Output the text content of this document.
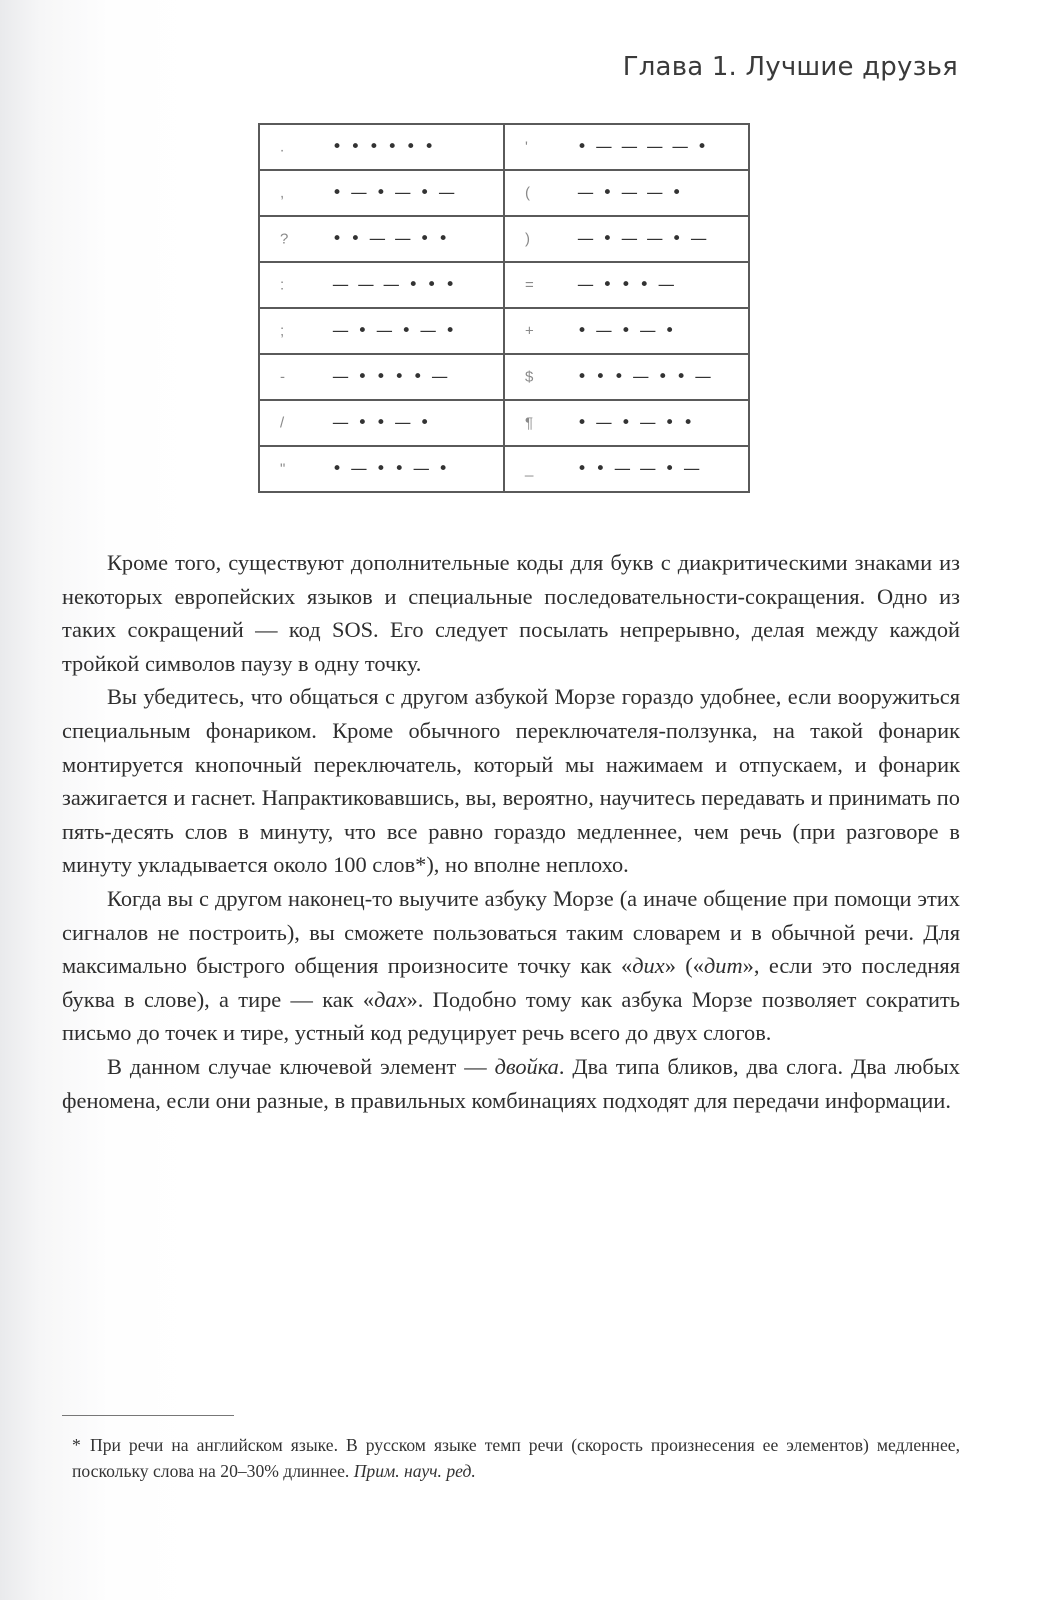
Глава 1. Лучшие друзья
. • • • • • •	' • — — — — •

, • — • — • —	( — • — — •

? • • — — • •	) — • — — • —

: — — — • • •	= — • • • —

; — • — • — •	+ • — • — •

- — • • • • —	$ • • • — • • —

/ — • • — •	¶ • — • — • •

" • — • • — •	_ • • — — • —

Кроме того, существуют дополнительные коды для букв с диакритическими знаками из некоторых европейских языков и специальные последовательности-сокращения. Одно из таких сокращений — код SOS. Его следует посылать непрерывно, делая между каждой тройкой символов паузу в одну точку.

Вы убедитесь, что общаться с другом азбукой Морзе гораздо удобнее, если вооружиться специальным фонариком. Кроме обычного переключателя-ползунка, на такой фонарик монтируется кнопочный переключатель, который мы нажимаем и отпускаем, и фонарик зажигается и гаснет. Напрактиковавшись, вы, вероятно, научитесь передавать и принимать по пять-десять слов в минуту, что все равно гораздо медленнее, чем речь (при разговоре в минуту укладывается около 100 слов*), но вполне неплохо.

Когда вы с другом наконец-то выучите азбуку Морзе (а иначе общение при помощи этих сигналов не построить), вы сможете пользоваться таким словарем и в обычной речи. Для максимально быстрого общения произносите точку как «дих» («дит», если это последняя буква в слове), а тире — как «дах». Подобно тому как азбука Морзе позволяет сократить письмо до точек и тире, устный код редуцирует речь всего до двух слогов.

В данном случае ключевой элемент — двойка. Два типа бликов, два слога. Два любых феномена, если они разные, в правильных комбинациях подходят для передачи информации.

* При речи на английском языке. В русском языке темп речи (скорость произнесения ее элементов) медленнее, поскольку слова на 20–30% длиннее. Прим. науч. ред.
